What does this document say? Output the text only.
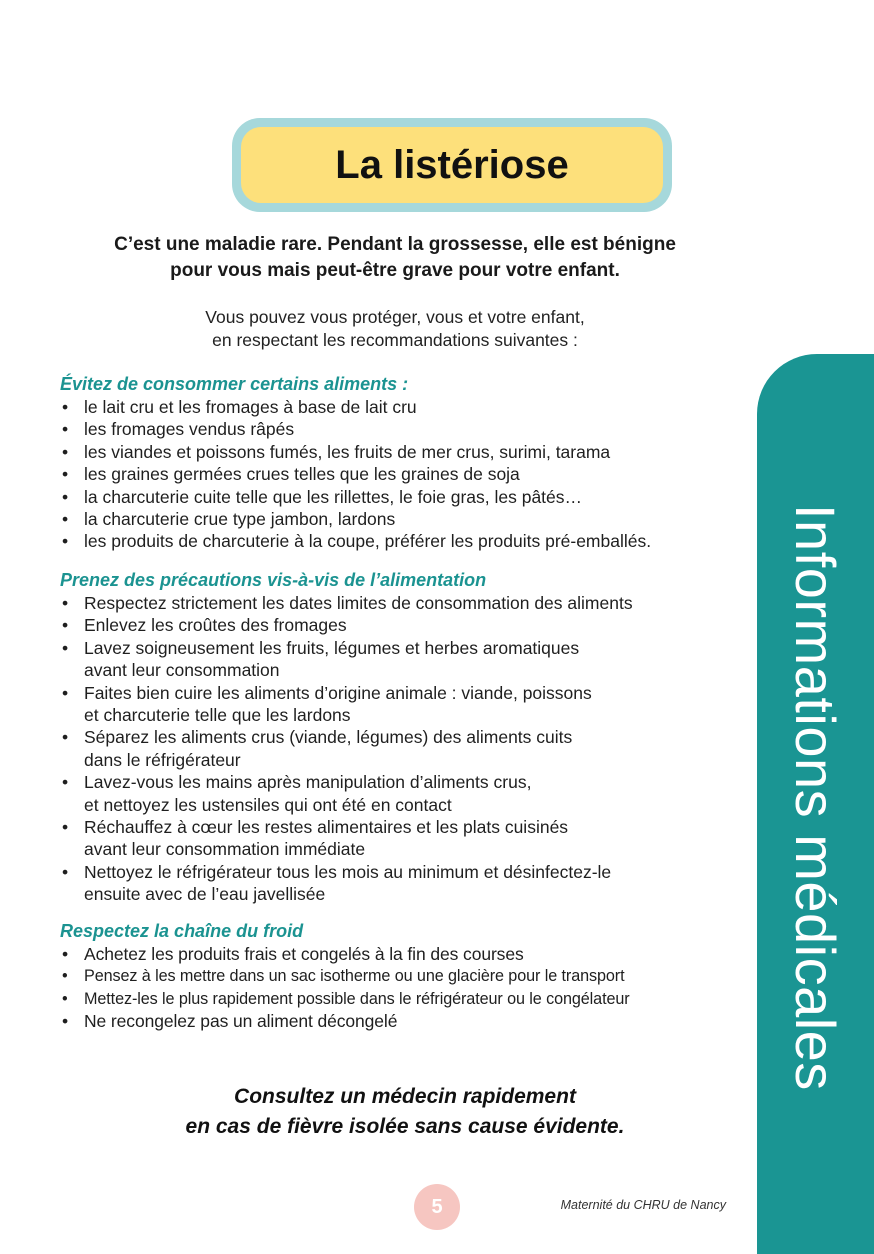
La listériose
C’est une maladie rare. Pendant la grossesse, elle est bénigne
pour vous mais peut-être grave pour votre enfant.
Vous pouvez vous protéger, vous et votre enfant,
en respectant les recommandations suivantes :
Évitez de consommer certains aliments :
• le lait cru et les fromages à base de lait cru
• les fromages vendus râpés
• les viandes et poissons fumés, les fruits de mer crus, surimi, tarama
• les graines germées crues telles que les graines de soja
• la charcuterie cuite telle que les rillettes, le foie gras, les pâtés…
• la charcuterie crue type jambon, lardons
• les produits de charcuterie à la coupe, préférer les produits pré-emballés.
Prenez des précautions vis-à-vis de l’alimentation
• Respectez strictement les dates limites de consommation des aliments
• Enlevez les croûtes des fromages
• Lavez soigneusement les fruits, légumes et herbes aromatiques
avant leur consommation
• Faites bien cuire les aliments d’origine animale : viande, poissons
et charcuterie telle que les lardons
• Séparez les aliments crus (viande, légumes) des aliments cuits
dans le réfrigérateur
• Lavez-vous les mains après manipulation d’aliments crus,
et nettoyez les ustensiles qui ont été en contact
• Réchauffez à cœur les restes alimentaires et les plats cuisinés
avant leur consommation immédiate
• Nettoyez le réfrigérateur tous les mois au minimum et désinfectez-le
ensuite avec de l’eau javellisée
Respectez la chaîne du froid
• Achetez les produits frais et congelés à la fin des courses
• Pensez à les mettre dans un sac isotherme ou une glacière pour le transport
• Mettez-les le plus rapidement possible dans le réfrigérateur ou le congélateur
• Ne recongelez pas un aliment décongelé
Consultez un médecin rapidement
en cas de fièvre isolée sans cause évidente.
Informations médicales
5	Maternité du CHRU de Nancy
